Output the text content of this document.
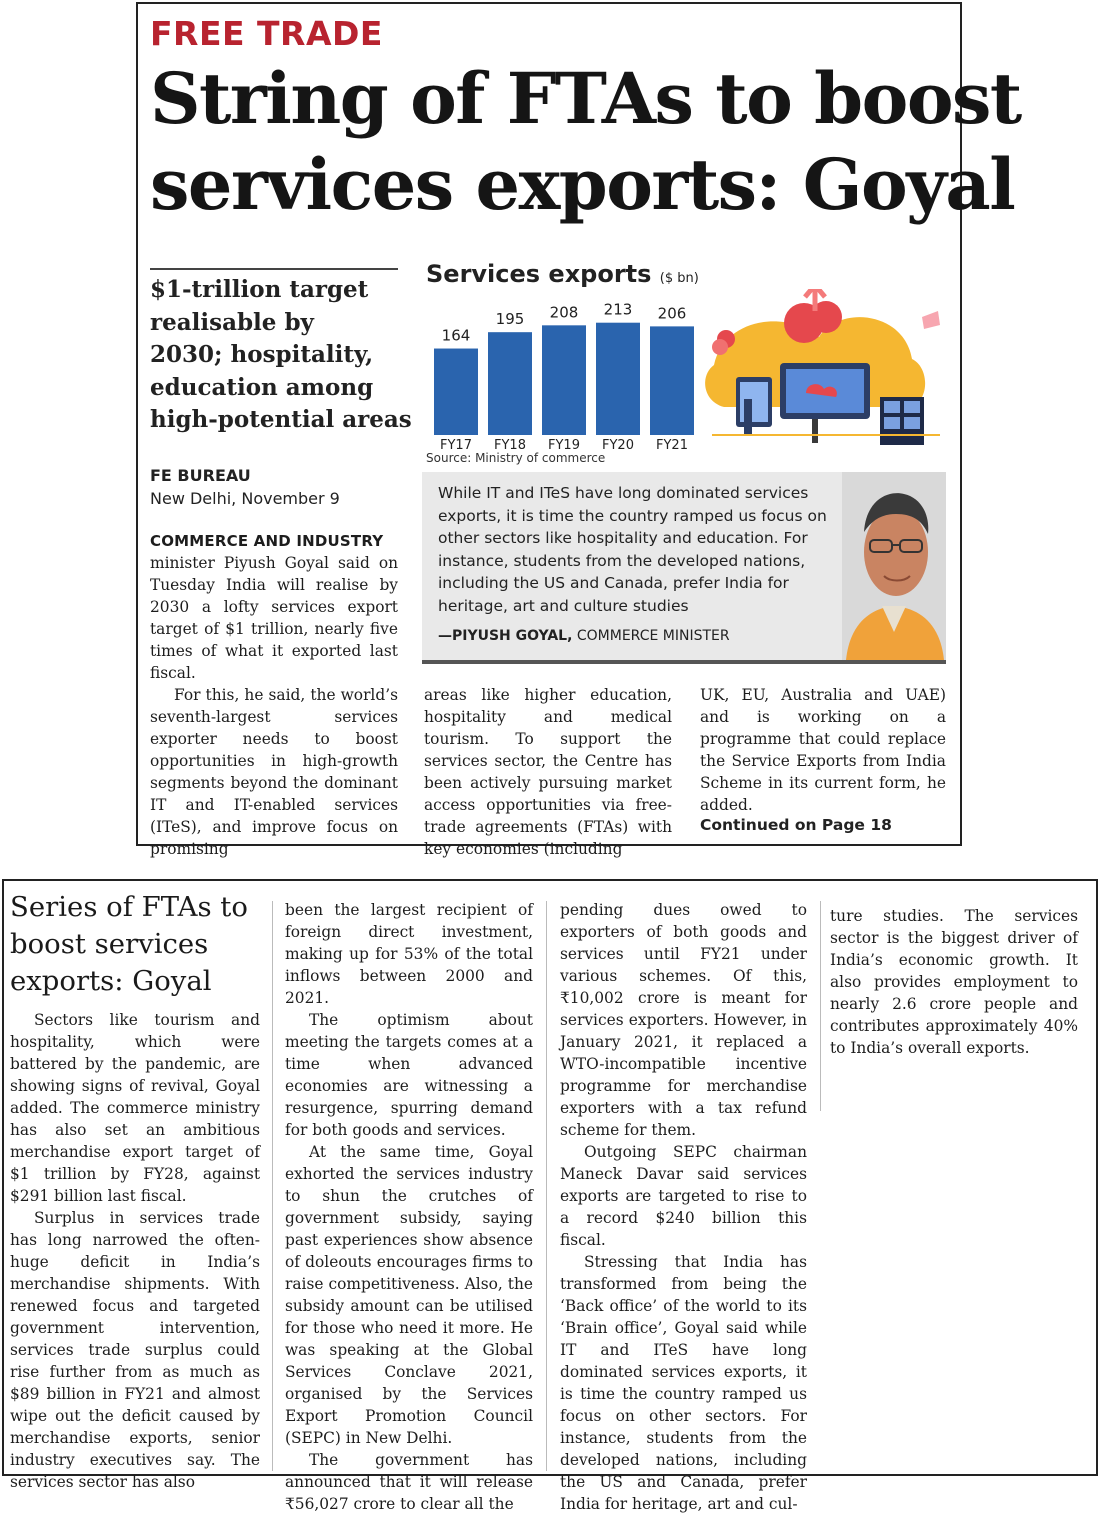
FREE TRADE
String of FTAs to boost
services exports: Goyal
$1-trillion target
realisable by
2030; hospitality,
education among
high-potential areas
FE BUREAU
New Delhi, November 9

COMMERCE AND INDUSTRY
minister Piyush Goyal said on Tuesday India will realise by 2030 a lofty services export target of $1 trillion, nearly five times of what it exported last fiscal.

For this, he said, the world’s seventh-largest services exporter needs to boost opportunities in high-growth segments beyond the dominant IT and IT-enabled services (ITeS), and improve focus on promising

areas like higher education, hospitality and medical tourism. To support the services sector, the Centre has been actively pursuing market access opportunities via free-trade agreements (FTAs) with key economies (including

UK, EU, Australia and UAE) and is working on a programme that could replace the Service Exports from India Scheme in its current form, he added.

Continued on Page 18
Services exports ($ bn)
164
195 208 213 206
FY17 FY18 FY19 FY20 FY21
Source: Ministry of commerce
While IT and ITeS have long dominated services exports, it is time the country ramped us focus on other sectors like hospitality and education. For instance, students from the developed nations, including the US and Canada, prefer India for heritage, art and culture studies
—PIYUSH GOYAL, COMMERCE MINISTER
Series of FTAs to
boost services
exports: Goyal

Sectors like tourism and hospitality, which were battered by the pandemic, are showing signs of revival, Goyal added. The commerce ministry has also set an ambitious merchandise export target of $1 trillion by FY28, against $291 billion last fiscal.

Surplus in services trade has long narrowed the often-huge deficit in India’s merchandise shipments. With renewed focus and targeted government intervention, services trade surplus could rise further from as much as $89 billion in FY21 and almost wipe out the deficit caused by merchandise exports, senior industry executives say. The services sector has also

been the largest recipient of foreign direct investment, making up for 53% of the total inflows between 2000 and 2021.

The optimism about meeting the targets comes at a time when advanced economies are witnessing a resurgence, spurring demand for both goods and services.

At the same time, Goyal exhorted the services industry to shun the crutches of government subsidy, saying past experiences show absence of doleouts encourages firms to raise competitiveness. Also, the subsidy amount can be utilised for those who need it more. He was speaking at the Global Services Conclave 2021, organised by the Services Export Promotion Council (SEPC) in New Delhi.

The government has announced that it will release ₹56,027 crore to clear all the

pending dues owed to exporters of both goods and services until FY21 under various schemes. Of this, ₹10,002 crore is meant for services exporters. However, in January 2021, it replaced a WTO-incompatible incentive programme for merchandise exporters with a tax refund scheme for them.

Outgoing SEPC chairman Maneck Davar said services exports are targeted to rise to a record $240 billion this fiscal.

Stressing that India has transformed from being the ‘Back office’ of the world to its ‘Brain office’, Goyal said while IT and ITeS have long dominated services exports, it is time the country ramped us focus on other sectors. For instance, students from the developed nations, including the US and Canada, prefer India for heritage, art and cul-

ture studies. The services sector is the biggest driver of India’s economic growth. It also provides employment to nearly 2.6 crore people and contributes approximately 40% to India’s overall exports.
